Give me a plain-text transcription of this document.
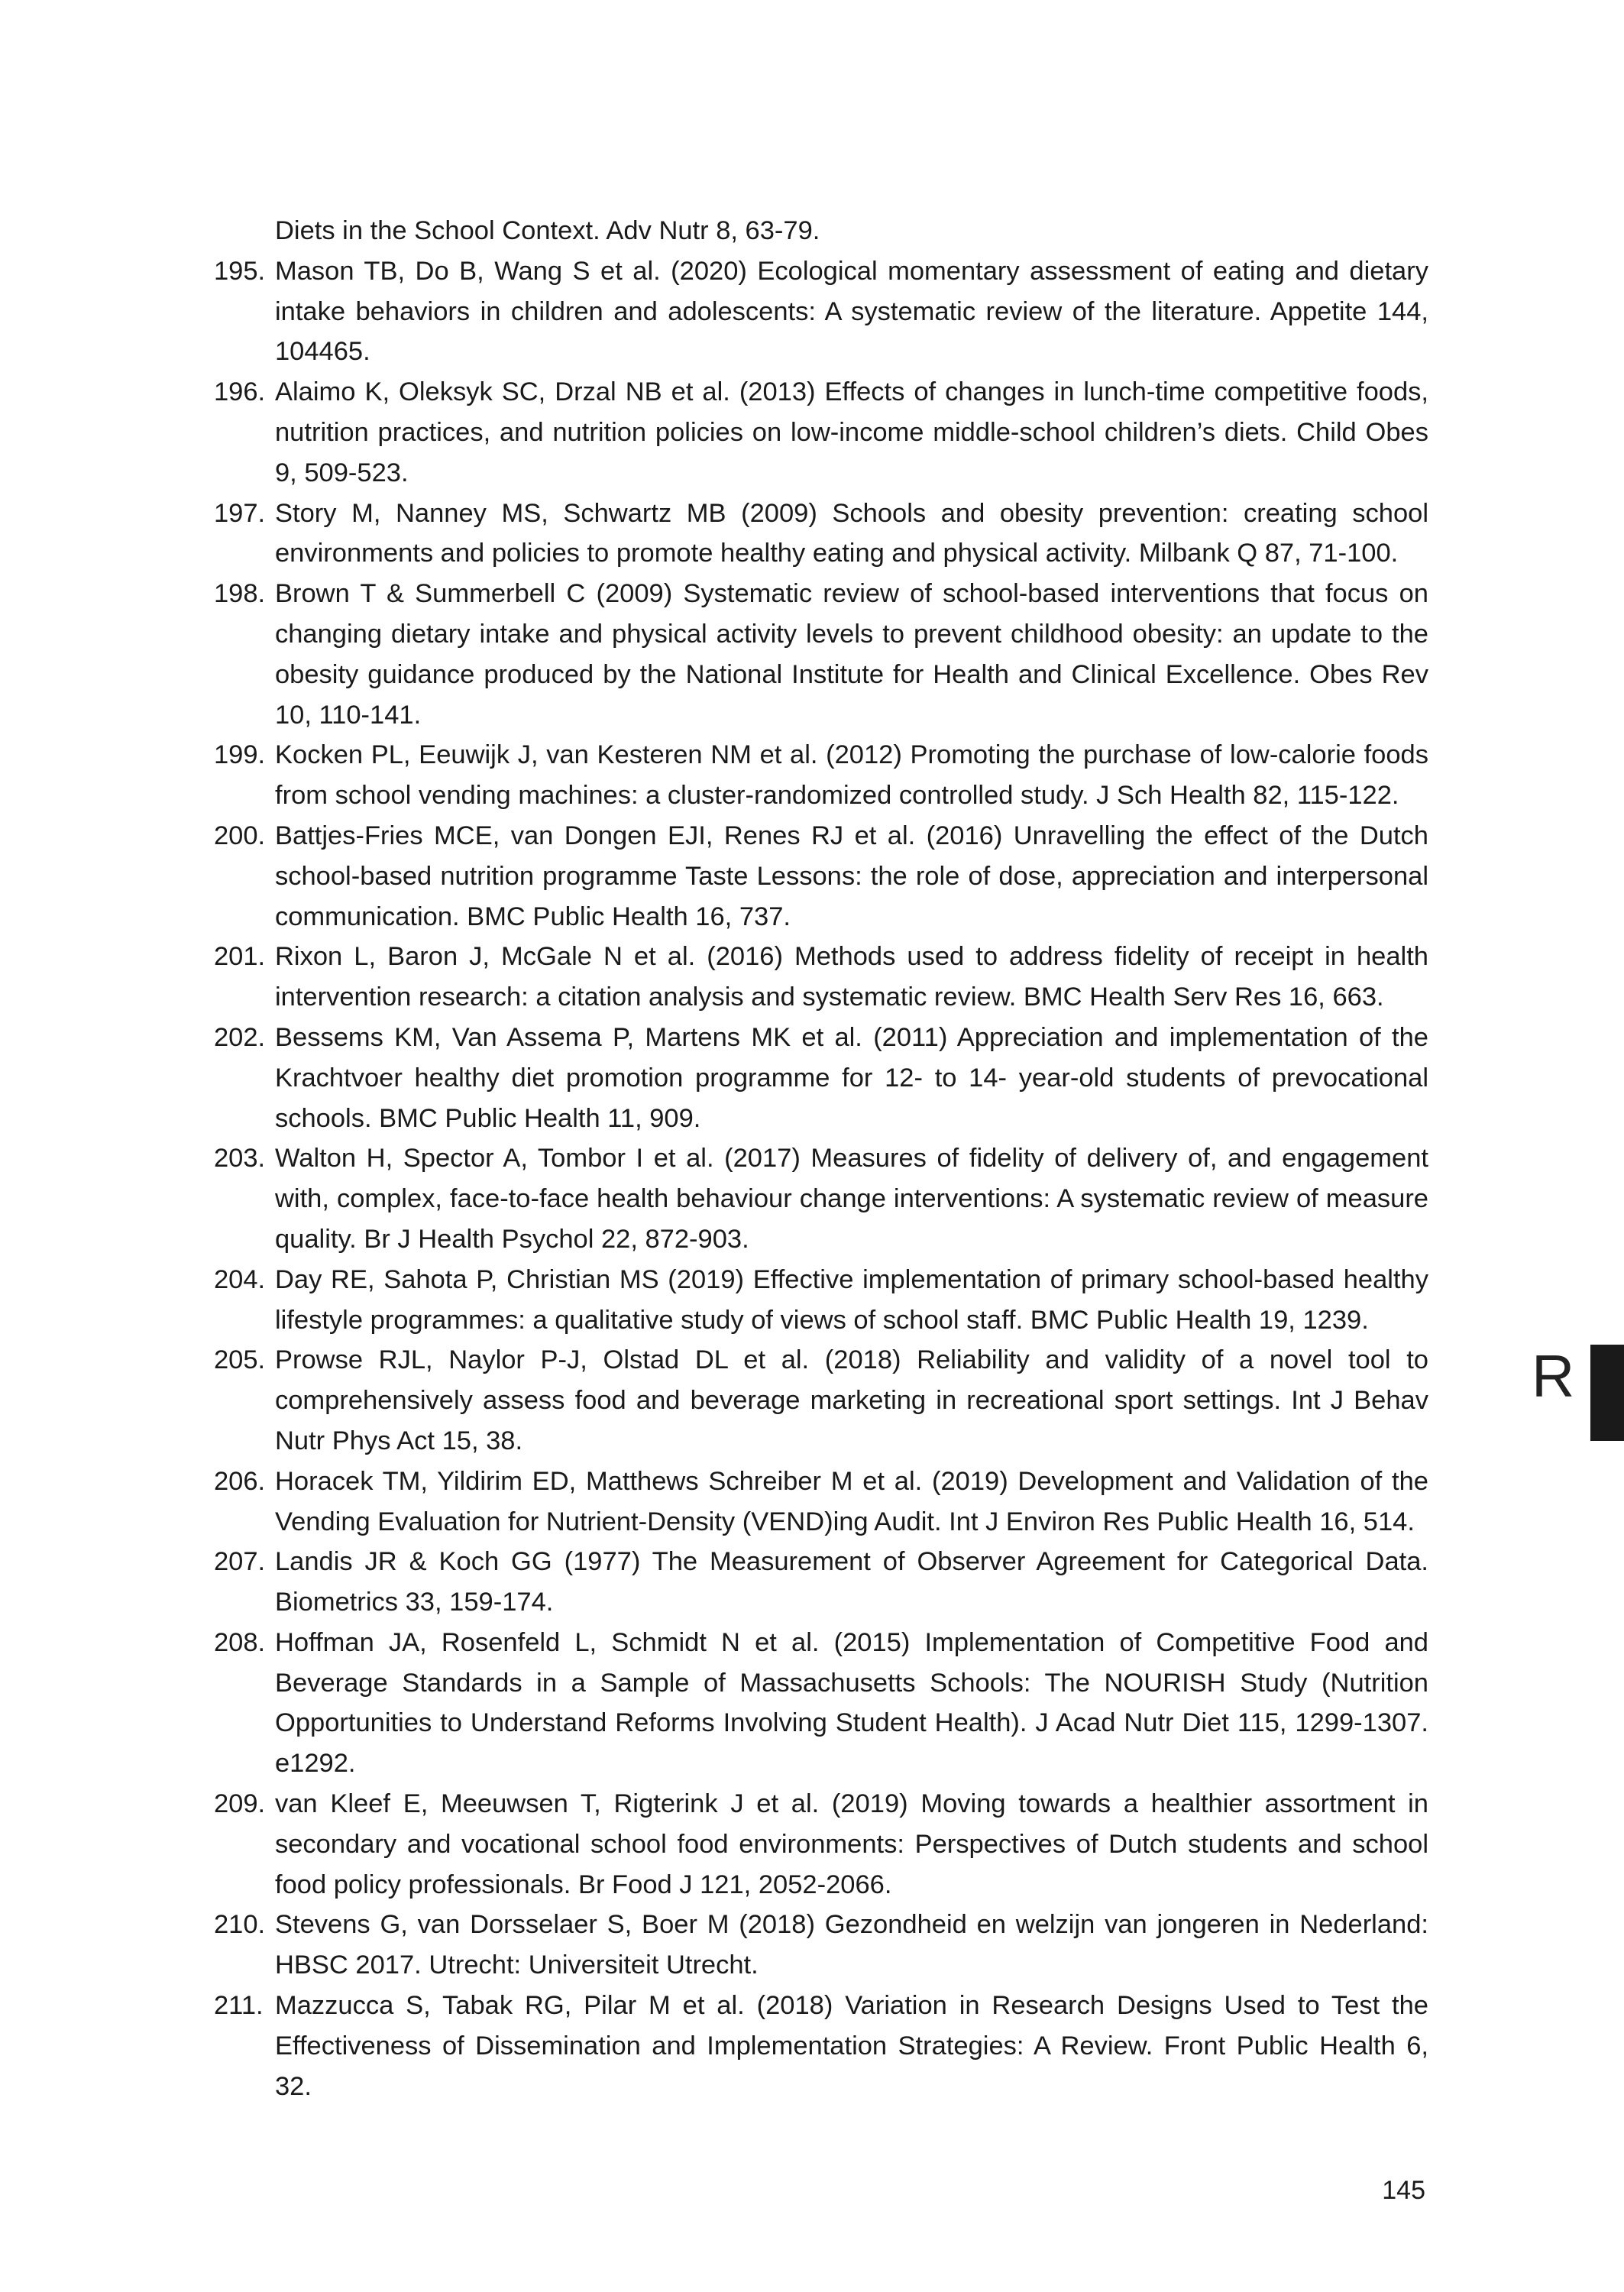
Diets in the School Context. Adv Nutr 8, 63-79.
195. Mason TB, Do B, Wang S et al. (2020) Ecological momentary assessment of eating and dietary intake behaviors in children and adolescents: A systematic review of the literature. Appetite 144, 104465.
196. Alaimo K, Oleksyk SC, Drzal NB et al. (2013) Effects of changes in lunch-time competitive foods, nutrition practices, and nutrition policies on low-income middle-school children’s diets. Child Obes 9, 509-523.
197. Story M, Nanney MS, Schwartz MB (2009) Schools and obesity prevention: creating school environments and policies to promote healthy eating and physical activity. Milbank Q 87, 71-100.
198. Brown T & Summerbell C (2009) Systematic review of school-based interventions that focus on changing dietary intake and physical activity levels to prevent childhood obesity: an update to the obesity guidance produced by the National Institute for Health and Clinical Excellence. Obes Rev 10, 110-141.
199. Kocken PL, Eeuwijk J, van Kesteren NM et al. (2012) Promoting the purchase of low-calorie foods from school vending machines: a cluster-randomized controlled study. J Sch Health 82, 115-122.
200. Battjes-Fries MCE, van Dongen EJI, Renes RJ et al. (2016) Unravelling the effect of the Dutch school-based nutrition programme Taste Lessons: the role of dose, appreciation and interpersonal communication. BMC Public Health 16, 737.
201. Rixon L, Baron J, McGale N et al. (2016) Methods used to address fidelity of receipt in health intervention research: a citation analysis and systematic review. BMC Health Serv Res 16, 663.
202. Bessems KM, Van Assema P, Martens MK et al. (2011) Appreciation and implementation of the Krachtvoer healthy diet promotion programme for 12- to 14- year-old students of prevocational schools. BMC Public Health 11, 909.
203. Walton H, Spector A, Tombor I et al. (2017) Measures of fidelity of delivery of, and engagement with, complex, face-to-face health behaviour change interventions: A systematic review of measure quality. Br J Health Psychol 22, 872-903.
204. Day RE, Sahota P, Christian MS (2019) Effective implementation of primary school-based healthy lifestyle programmes: a qualitative study of views of school staff. BMC Public Health 19, 1239.
205. Prowse RJL, Naylor P-J, Olstad DL et al. (2018) Reliability and validity of a novel tool to comprehensively assess food and beverage marketing in recreational sport settings. Int J Behav Nutr Phys Act 15, 38.
206. Horacek TM, Yildirim ED, Matthews Schreiber M et al. (2019) Development and Validation of the Vending Evaluation for Nutrient-Density (VEND)ing Audit. Int J Environ Res Public Health 16, 514.
207. Landis JR & Koch GG (1977) The Measurement of Observer Agreement for Categorical Data. Biometrics 33, 159-174.
208. Hoffman JA, Rosenfeld L, Schmidt N et al. (2015) Implementation of Competitive Food and Beverage Standards in a Sample of Massachusetts Schools: The NOURISH Study (Nutrition Opportunities to Understand Reforms Involving Student Health). J Acad Nutr Diet 115, 1299-1307. e1292.
209. van Kleef E, Meeuwsen T, Rigterink J et al. (2019) Moving towards a healthier assortment in secondary and vocational school food environments: Perspectives of Dutch students and school food policy professionals. Br Food J 121, 2052-2066.
210. Stevens G, van Dorsselaer S, Boer M (2018) Gezondheid en welzijn van jongeren in Nederland: HBSC 2017. Utrecht: Universiteit Utrecht.
211. Mazzucca S, Tabak RG, Pilar M et al. (2018) Variation in Research Designs Used to Test the Effectiveness of Dissemination and Implementation Strategies: A Review. Front Public Health 6, 32.
R
145
